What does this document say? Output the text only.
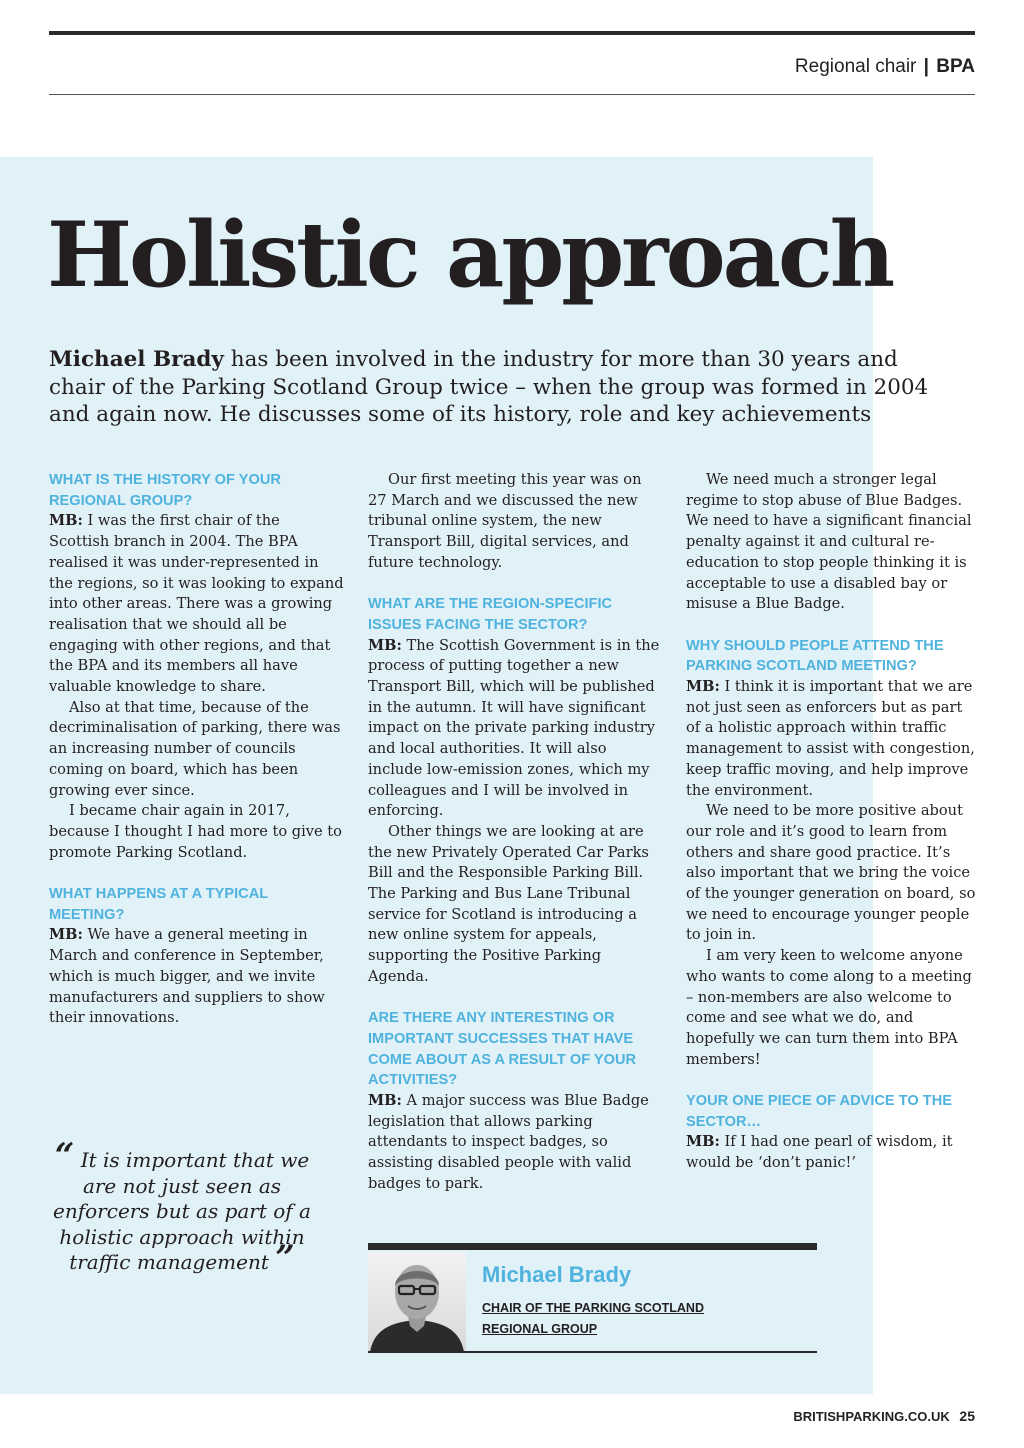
Regional chair | BPA
Holistic approach

Michael Brady has been involved in the industry for more than 30 years and chair of the Parking Scotland Group twice – when the group was formed in 2004 and again now. He discusses some of its history, role and key achievements

WHAT IS THE HISTORY OF YOUR REGIONAL GROUP?

MB: I was the first chair of the Scottish branch in 2004. The BPA realised it was under-represented in the regions, so it was looking to expand into other areas. There was a growing realisation that we should all be engaging with other regions, and that the BPA and its members all have valuable knowledge to share.

Also at that time, because of the decriminalisation of parking, there was an increasing number of councils coming on board, which has been growing ever since.

I became chair again in 2017, because I thought I had more to give to promote Parking Scotland.

WHAT HAPPENS AT A TYPICAL MEETING?

MB: We have a general meeting in March and conference in September, which is much bigger, and we invite manufacturers and suppliers to show their innovations.

Our first meeting this year was on 27 March and we discussed the new tribunal online system, the new Transport Bill, digital services, and future technology.

WHAT ARE THE REGION-SPECIFIC ISSUES FACING THE SECTOR?

MB: The Scottish Government is in the process of putting together a new Transport Bill, which will be published in the autumn. It will have significant impact on the private parking industry and local authorities. It will also include low-emission zones, which my colleagues and I will be involved in enforcing.

Other things we are looking at are the new Privately Operated Car Parks Bill and the Responsible Parking Bill. The Parking and Bus Lane Tribunal service for Scotland is introducing a new online system for appeals, supporting the Positive Parking Agenda.

ARE THERE ANY INTERESTING OR IMPORTANT SUCCESSES THAT HAVE COME ABOUT AS A RESULT OF YOUR ACTIVITIES?

MB: A major success was Blue Badge legislation that allows parking attendants to inspect badges, so assisting disabled people with valid badges to park.

We need much a stronger legal regime to stop abuse of Blue Badges. We need to have a significant financial penalty against it and cultural re-education to stop people thinking it is acceptable to use a disabled bay or misuse a Blue Badge.

WHY SHOULD PEOPLE ATTEND THE PARKING SCOTLAND MEETING?

MB: I think it is important that we are not just seen as enforcers but as part of a holistic approach within traffic management to assist with congestion, keep traffic moving, and help improve the environment.

We need to be more positive about our role and it’s good to learn from others and share good practice. It’s also important that we bring the voice of the younger generation on board, so we need to encourage younger people to join in.

I am very keen to welcome anyone who wants to come along to a meeting – non-members are also welcome to come and see what we do, and hopefully we can turn them into BPA members!

YOUR ONE PIECE OF ADVICE TO THE SECTOR…

MB: If I had one pearl of wisdom, it would be ‘don’t panic!’

“ It is important that we are not just seen as enforcers but as part of a holistic approach within traffic management ”	Michael Brady

CHAIR OF THE PARKING SCOTLAND
REGIONAL GROUP

BRITISHPARKING.CO.UK 25
